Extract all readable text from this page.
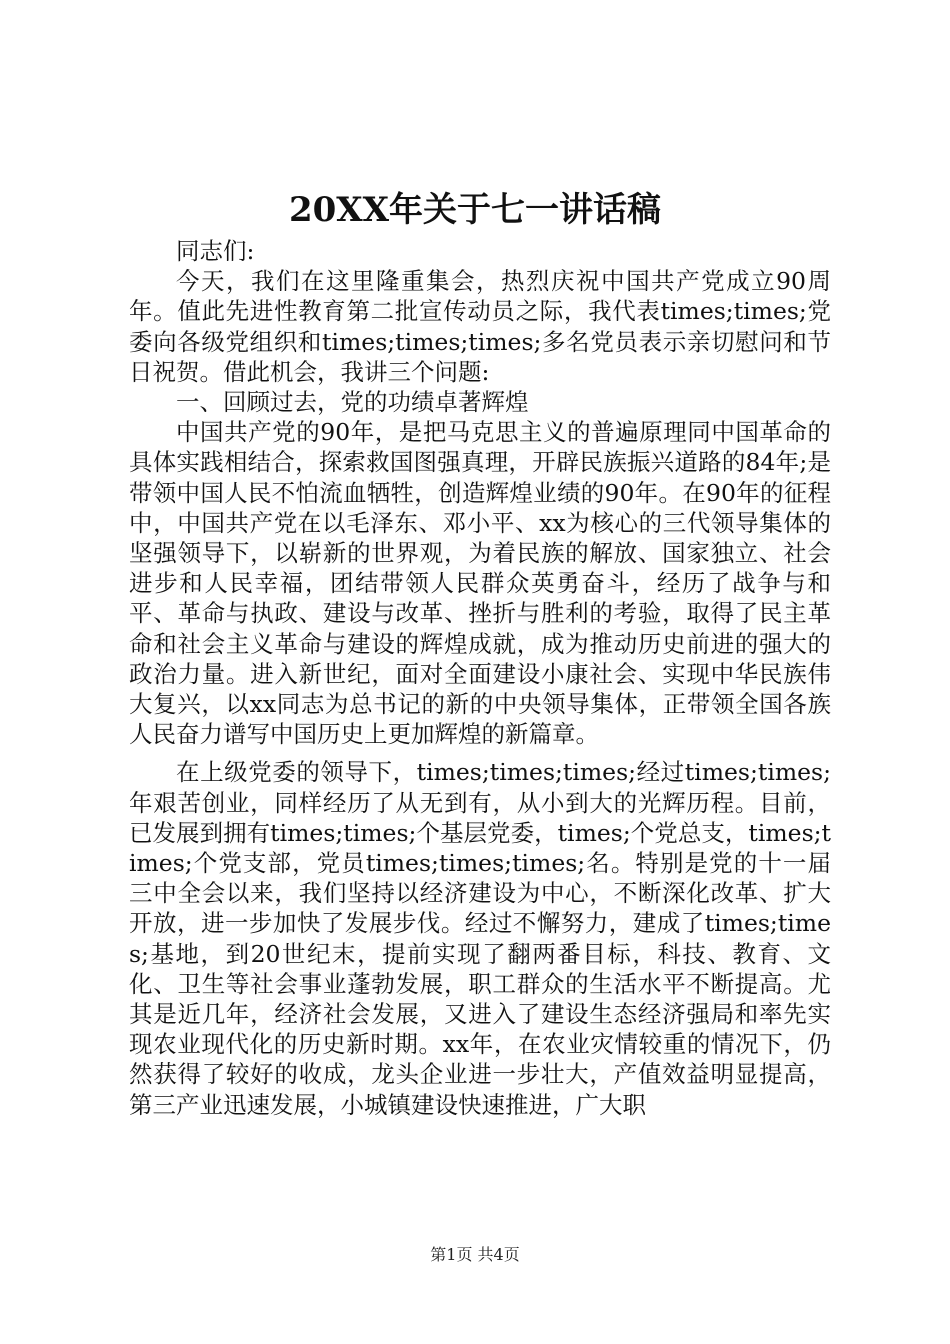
20XX年关于七一讲话稿

同志们:

今天，我们在这里隆重集会，热烈庆祝中国共产党成立90周年。值此先进性教育第二批宣传动员之际，我代表times;times;党委向各级党组织和times;times;times;多名党员表示亲切慰问和节日祝贺。借此机会，我讲三个问题:

一、回顾过去，党的功绩卓著辉煌

中国共产党的90年，是把马克思主义的普遍原理同中国革命的具体实践相结合，探索救国图强真理，开辟民族振兴道路的84年;是带领中国人民不怕流血牺牲，创造辉煌业绩的90年。在90年的征程中，中国共产党在以毛泽东、邓小平、xx为核心的三代领导集体的坚强领导下，以崭新的世界观，为着民族的解放、国家独立、社会进步和人民幸福，团结带领人民群众英勇奋斗，经历了战争与和平、革命与执政、建设与改革、挫折与胜利的考验，取得了民主革命和社会主义革命与建设的辉煌成就，成为推动历史前进的强大的政治力量。进入新世纪，面对全面建设小康社会、实现中华民族伟大复兴，以xx同志为总书记的新的中央领导集体，正带领全国各族人民奋力谱写中国历史上更加辉煌的新篇章。

在上级党委的领导下，times;times;times;经过times;times;年艰苦创业，同样经历了从无到有，从小到大的光辉历程。目前，已发展到拥有times;times;个基层党委，times;个党总支，times;times;个党支部，党员times;times;times;名。特别是党的十一届三中全会以来，我们坚持以经济建设为中心，不断深化改革、扩大开放，进一步加快了发展步伐。经过不懈努力，建成了times;times;基地，到20世纪末，提前实现了翻两番目标，科技、教育、文化、卫生等社会事业蓬勃发展，职工群众的生活水平不断提高。尤其是近几年，经济社会发展，又进入了建设生态经济强局和率先实现农业现代化的历史新时期。xx年，在农业灾情较重的情况下，仍然获得了较好的收成，龙头企业进一步壮大，产值效益明显提高，第三产业迅速发展，小城镇建设快速推进，广大职

第1页 共4页
